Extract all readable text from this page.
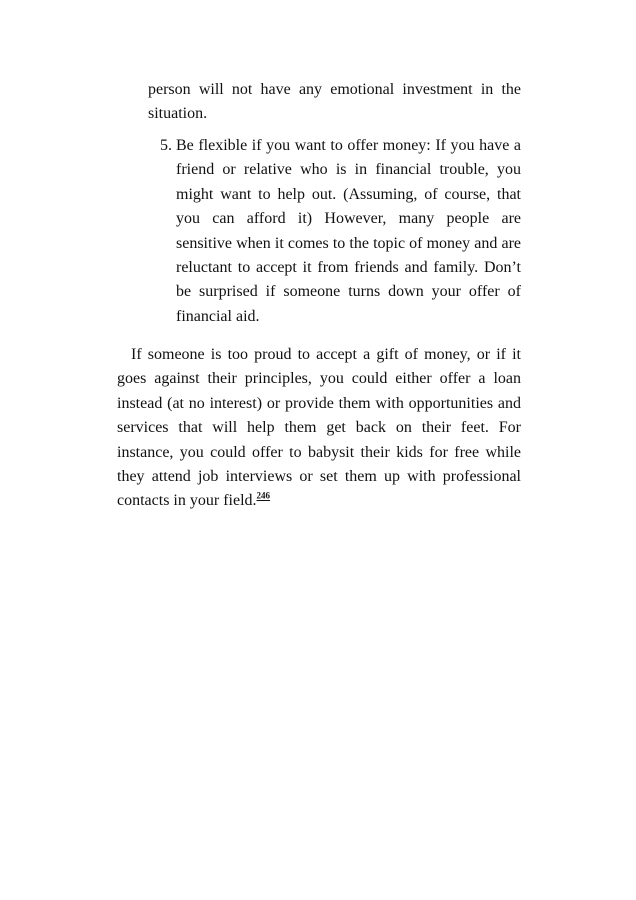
person will not have any emotional investment in the situation.

5. Be flexible if you want to offer money: If you have a friend or relative who is in financial trouble, you might want to help out. (Assuming, of course, that you can afford it) However, many people are sensitive when it comes to the topic of money and are reluctant to accept it from friends and family. Don’t be surprised if someone turns down your offer of financial aid.

If someone is too proud to accept a gift of money, or if it goes against their principles, you could either offer a loan instead (at no interest) or provide them with opportunities and services that will help them get back on their feet. For instance, you could offer to babysit their kids for free while they attend job interviews or set them up with professional contacts in your field.$^{246}$
